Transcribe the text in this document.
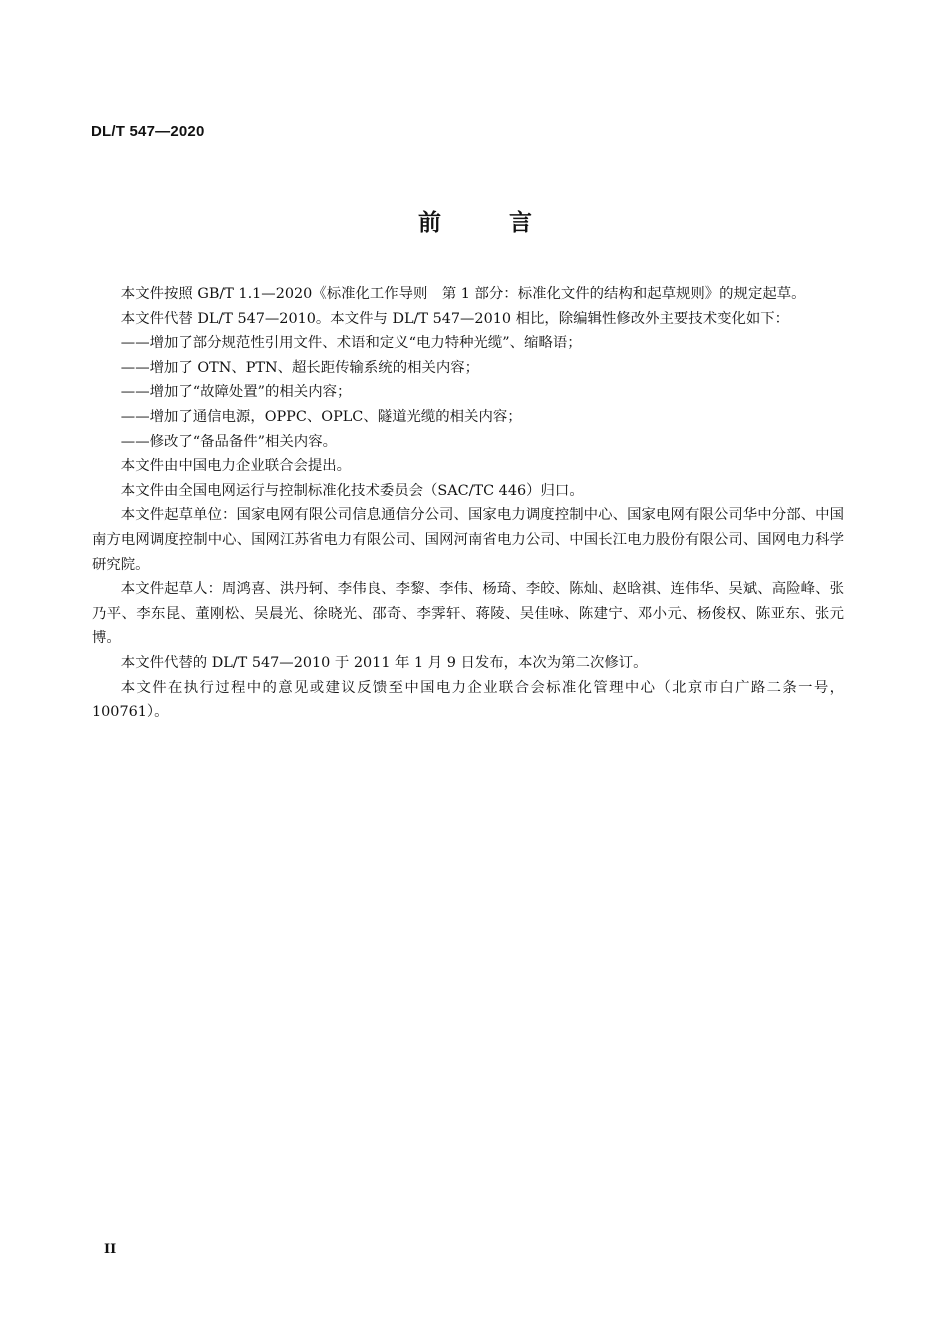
DL/T 547—2020
前	言

本文件按照 GB/T 1.1—2020《标准化工作导则　第 1 部分：标准化文件的结构和起草规则》的规定起草。

本文件代替 DL/T 547—2010。本文件与 DL/T 547—2010 相比，除编辑性修改外主要技术变化如下：

——增加了部分规范性引用文件、术语和定义“电力特种光缆”、缩略语；

——增加了 OTN、PTN、超长距传输系统的相关内容；

——增加了“故障处置”的相关内容；

——增加了通信电源，OPPC、OPLC、隧道光缆的相关内容；

——修改了“备品备件”相关内容。

本文件由中国电力企业联合会提出。

本文件由全国电网运行与控制标准化技术委员会（SAC/TC 446）归口。

本文件起草单位：国家电网有限公司信息通信分公司、国家电力调度控制中心、国家电网有限公司华中分部、中国南方电网调度控制中心、国网江苏省电力有限公司、国网河南省电力公司、中国长江电力股份有限公司、国网电力科学研究院。

本文件起草人：周鸿喜、洪丹轲、李伟良、李黎、李伟、杨琦、李皎、陈灿、赵晗祺、连伟华、吴斌、高险峰、张乃平、李东昆、董刚松、吴晨光、徐晓光、邵奇、李霁轩、蒋陵、吴佳咏、陈建宁、邓小元、杨俊权、陈亚东、张元博。

本文件代替的 DL/T 547—2010 于 2011 年 1 月 9 日发布，本次为第二次修订。

本文件在执行过程中的意见或建议反馈至中国电力企业联合会标准化管理中心（北京市白广路二条一号，100761）。

II
